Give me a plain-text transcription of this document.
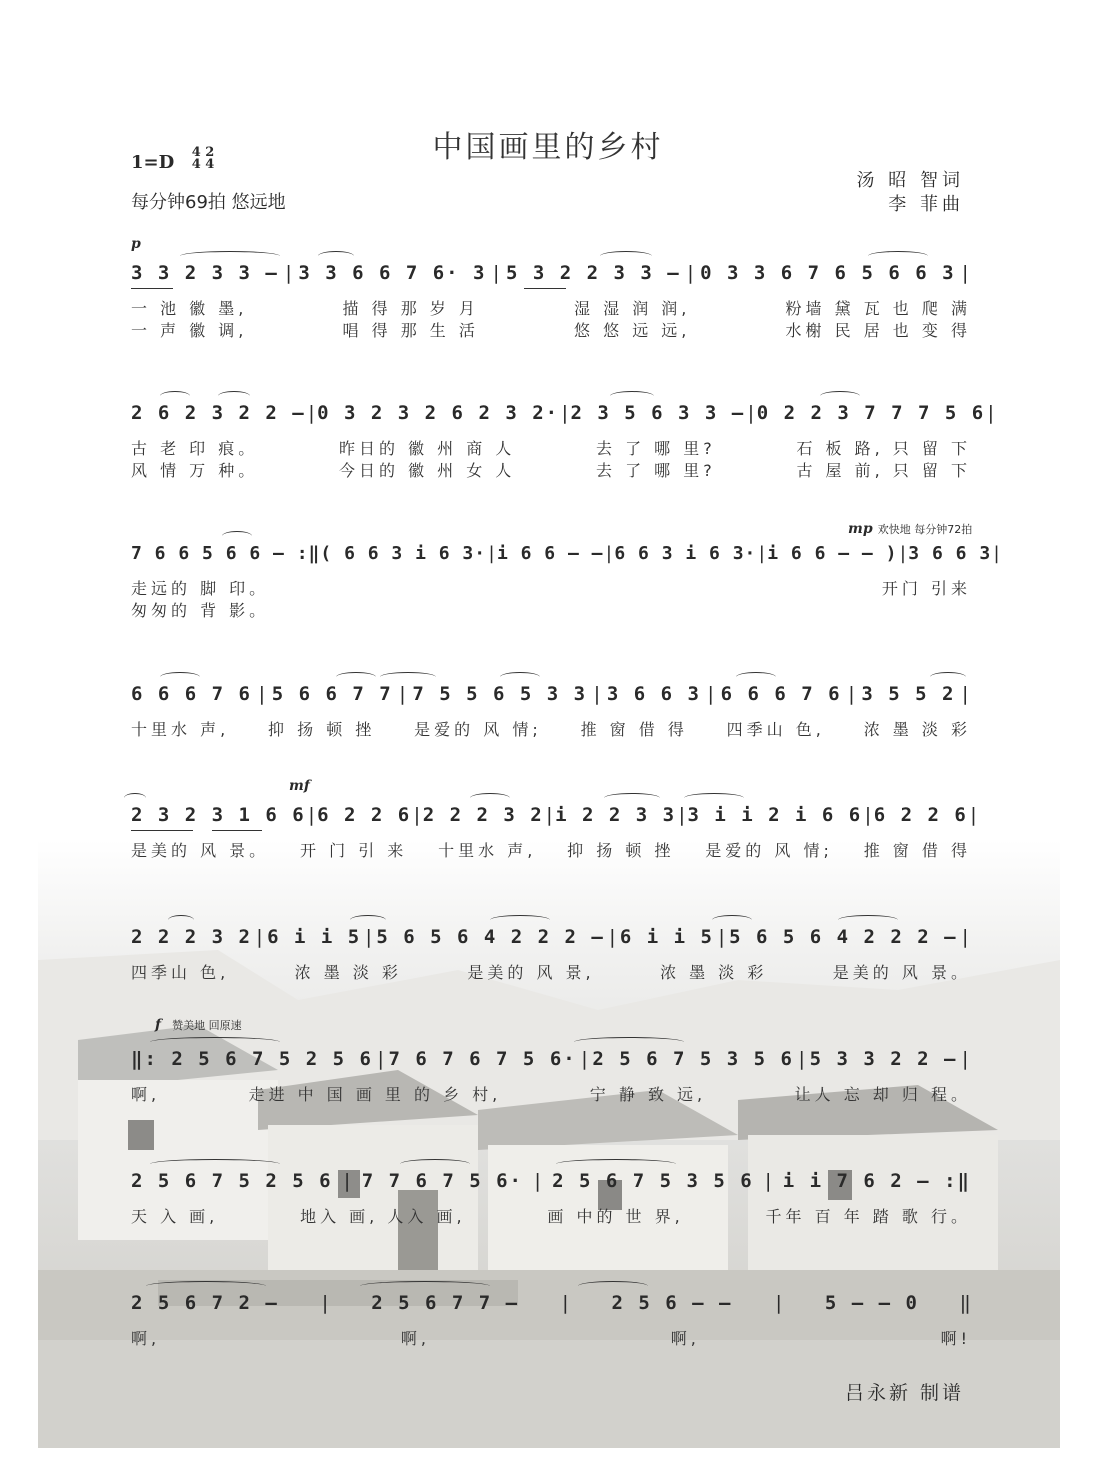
中国画里的乡村
1=D	4 2
4 4
每分钟69拍 悠远地
汤 昭 智词
李 菲曲
p
3 3 2 3 3 – | 3 3 6 6 7 6· 3 | 5 3 2 2 3 3 – | 0 3 3 6 7 6 5 6 6 3 |
一 池 徽 墨,	描 得 那 岁 月	湿 湿 润 润,	粉墙 黛 瓦 也 爬 满
一 声 徽 调,	唱 得 那 生 活	悠 悠 远 远,	水榭 民 居 也 变 得
2 6 2 3 2 2 – | 0 3 2 3 2 6 2 3 2· | 2 3 5 6 3 3 – | 0 2 2 3 7 7 7 5 6 |
古 老 印 痕。	昨日的 徽 州 商 人	去 了 哪 里?	石 板 路, 只 留 下
风 情 万 种。	今日的 徽 州 女 人	去 了 哪 里?	古 屋 前, 只 留 下
mp 欢快地 每分钟72拍
7 6 6 5 6 6 – :‖ ( 6 6 3 i 6 3· | i 6 6 – – | 6 6 3 i 6 3· | i 6 6 – – ) | 3 6 6 3 |
走远的 脚 印。	开门 引来
匆匆的 背 影。
6 6 6 7 6 | 5 6 6 7 7 | 7 5 5 6 5 3 3 | 3 6 6 3 | 6 6 6 7 6 | 3 5 5 2 |
十里水 声, 抑 扬 顿 挫 是爱的 风 情; 推 窗 借 得 四季山 色, 浓 墨 淡 彩
mf
2 3 2 3 1 6 6 | 6 2 2 6 | 2 2 2 3 2 | i 2 2 3 3 | 3 i i 2 i 6 6 | 6 2 2 6 |
是美的 风 景。 开 门 引 来 十里水 声, 抑 扬 顿 挫 是爱的 风 情; 推 窗 借 得
2 2 2 3 2 | 6 i i 5 | 5 6 5 6 4 2 2 2 – | 6 i i 5 | 5 6 5 6 4 2 2 2 – |
四季山 色,	浓 墨 淡 彩	是美的 风 景,	浓 墨 淡 彩	是美的 风 景。
f 赞美地 回原速
‖: 2 5 6 7 5 2 5 6 | 7 6 7 6 7 5 6· | 2 5 6 7 5 3 5 6 | 5 3 3 2 2 – |
啊,	走进 中 国 画 里 的 乡 村,	宁 静 致 远,	让人 忘 却 归 程。
2 5 6 7 5 2 5 6 | 7 7 6 7 5 6· | 2 5 6 7 5 3 5 6 | i i 7 6 2 – :‖
天 入 画,	地入 画, 人入 画,	画 中的 世 界,	千年 百 年 踏 歌 行。
2 5 6 7 2 – | 2 5 6 7 7 – | 2 5 6 – – | 5 – – 0 ‖
啊,	啊,	啊,	啊!
吕永新 制谱
